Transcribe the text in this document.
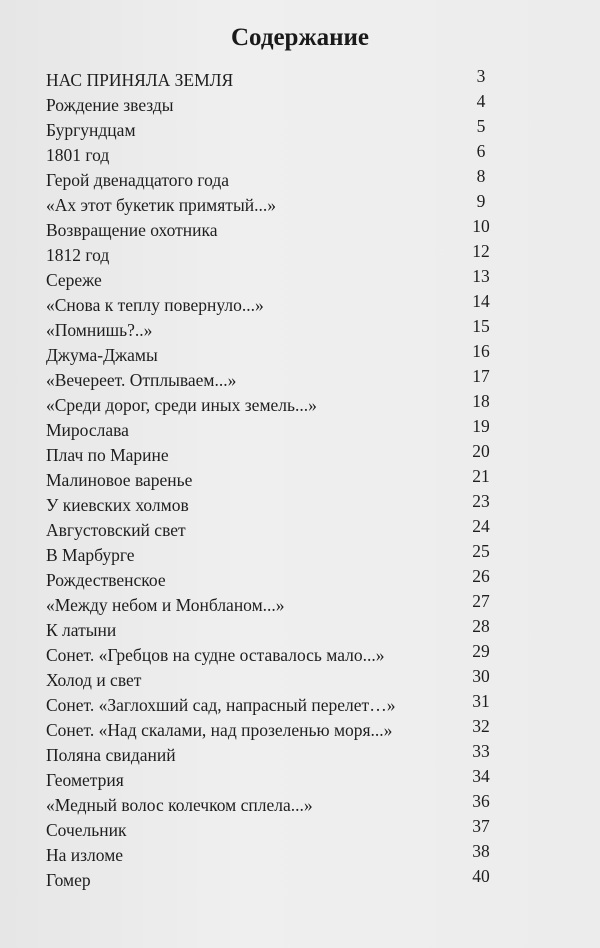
Содержание
НАС ПРИНЯЛА ЗЕМЛЯ	3
Рождение звезды	4
Бургундцам	5
1801 год	6
Герой двенадцатого года	8
«Ах этот букетик примятый...»	9
Возвращение охотника	10
1812 год	12
Сереже	13
«Снова к теплу повернуло...»	14
«Помнишь?..»	15
Джума-Джамы	16
«Вечереет. Отплываем...»	17
«Среди дорог, среди иных земель...»	18
Мирослава	19
Плач по Марине	20
Малиновое варенье	21
У киевских холмов	23
Августовский свет	24
В Марбурге	25
Рождественское	26
«Между небом и Монбланом...»	27
К латыни	28
Сонет. «Гребцов на судне оставалось мало...»	29
Холод и свет	30
Сонет. «Заглохший сад, напрасный перелет…»	31
Сонет. «Над скалами, над прозеленью моря...»	32
Поляна свиданий	33
Геометрия	34
«Медный волос колечком сплела...»	36
Сочельник	37
На изломе	38
Гомер	40
